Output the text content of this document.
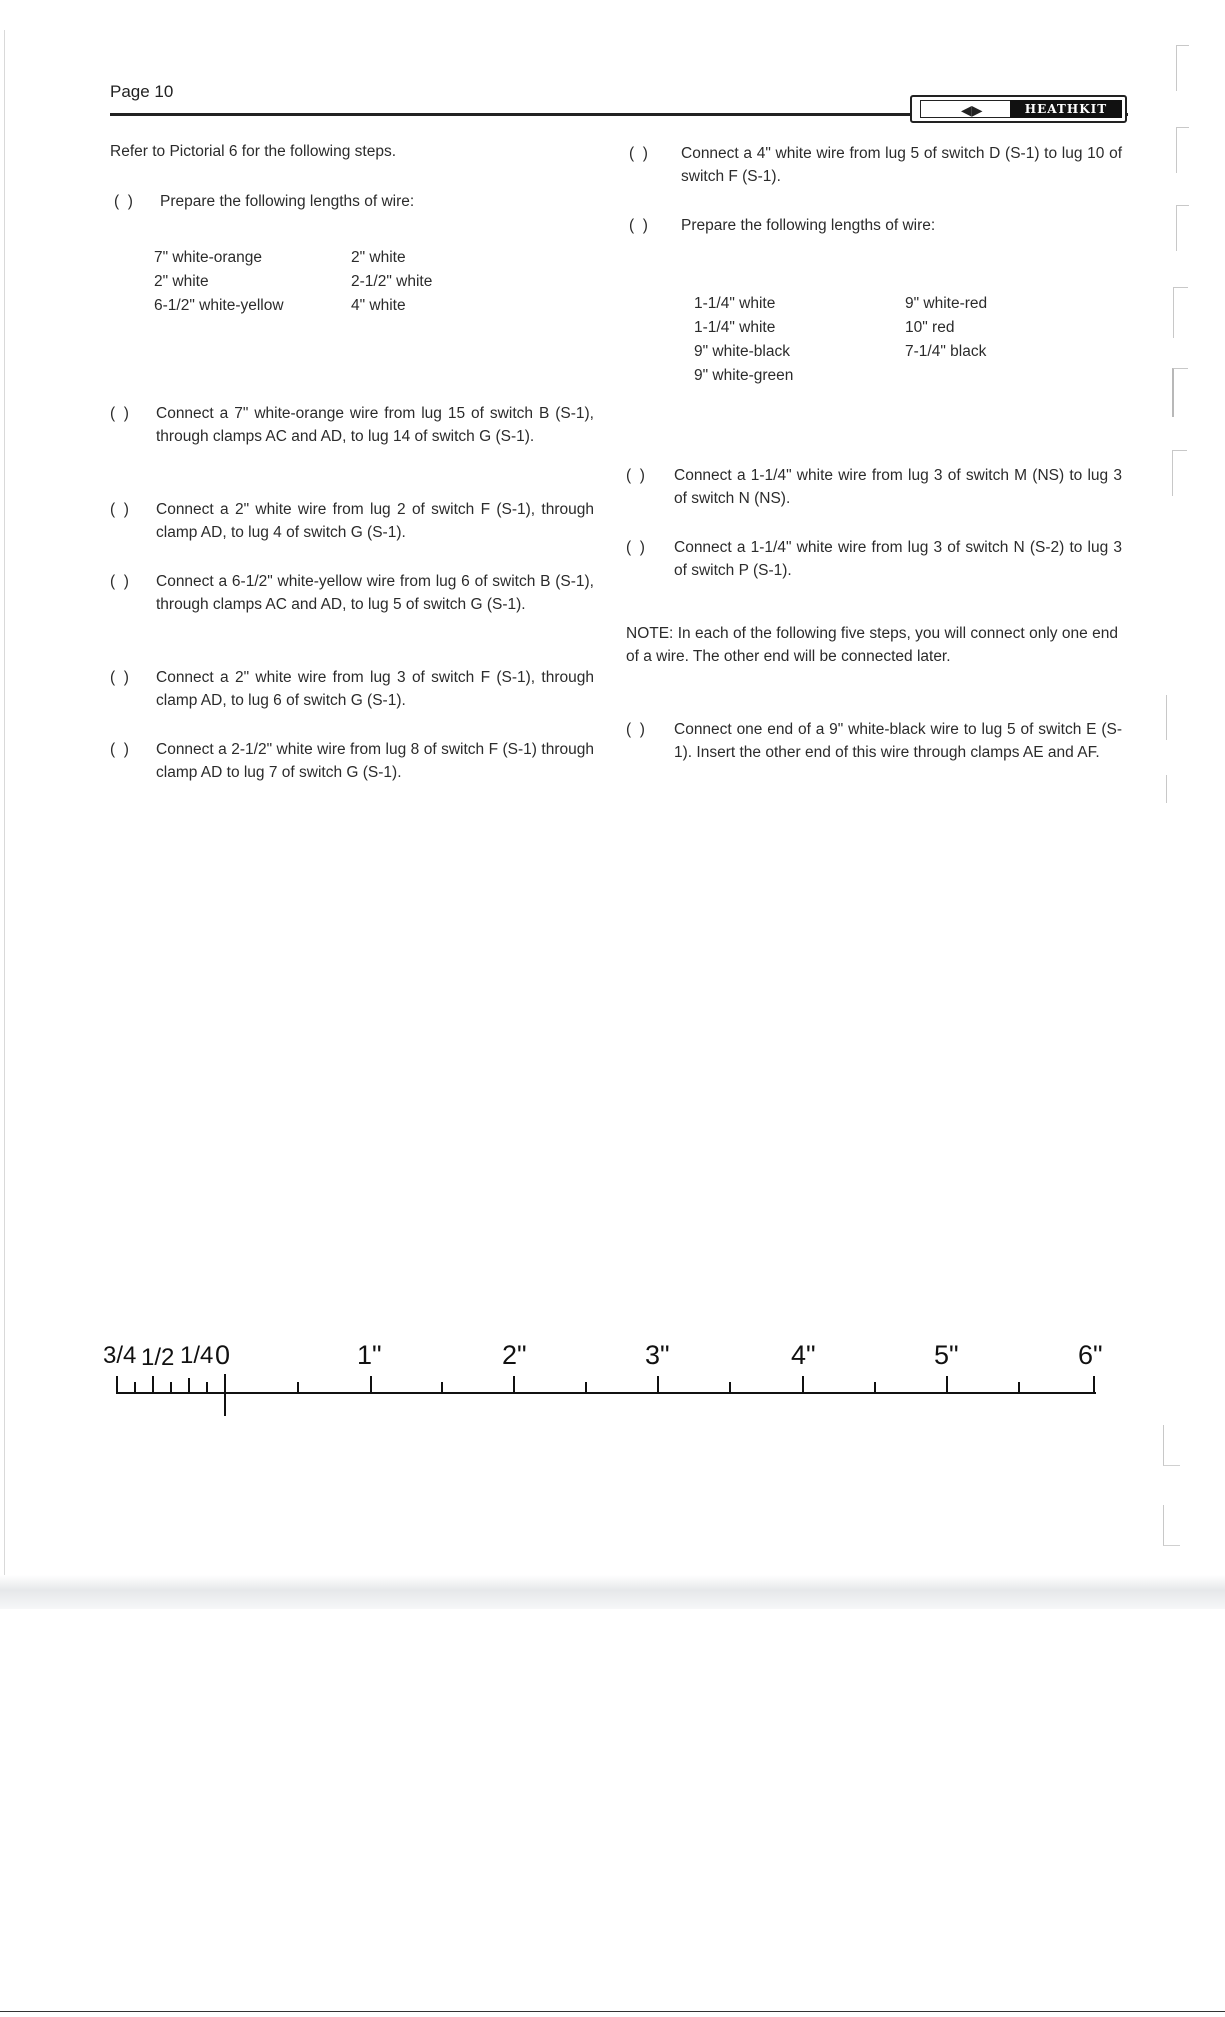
Page 10
◀▶	HEATHKIT

Refer to Pictorial 6 for the following steps.

(  ) Prepare the following lengths of wire:
7" white-orange	2" white
2" white	2-1/2" white
6-1/2" white-yellow	4" white
(  ) Connect a 7" white-orange wire from lug 15 of switch B (S-1), through clamps AC and AD, to lug 14 of switch G (S-1).
(  ) Connect a 2" white wire from lug 2 of switch F (S-1), through clamp AD, to lug 4 of switch G (S-1).
(  ) Connect a 6-1/2" white-yellow wire from lug 6 of switch B (S-1), through clamps AC and AD, to lug 5 of switch G (S-1).
(  ) Connect a 2" white wire from lug 3 of switch F (S-1), through clamp AD, to lug 6 of switch G (S-1).
(  ) Connect a 2-1/2" white wire from lug 8 of switch F (S-1) through clamp AD to lug 7 of switch G (S-1).
(  ) Connect a 4" white wire from lug 5 of switch D (S-1) to lug 10 of switch F (S-1).
(  ) Prepare the following lengths of wire:
1-1/4" white	9" white-red
1-1/4" white	10" red
9" white-black	7-1/4" black
9" white-green
(  ) Connect a 1-1/4" white wire from lug 3 of switch M (NS) to lug 3 of switch N (NS).
(  ) Connect a 1-1/4" white wire from lug 3 of switch N (S-2) to lug 3 of switch P (S-1).

NOTE: In each of the following five steps, you will connect only one end of a wire. The other end will be connected later.

(  ) Connect one end of a 9" white-black wire to lug 5 of switch E (S-1). Insert the other end of this wire through clamps AE and AF.
3/4 1/2 1/4 0	1"	2"	3"	4"	5"	6"
